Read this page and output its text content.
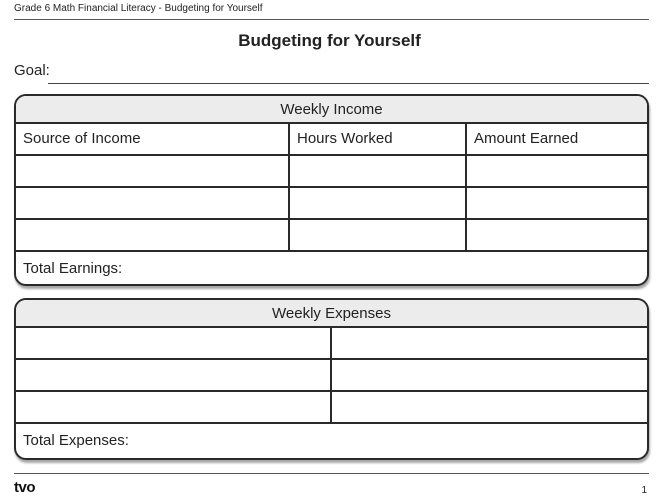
Grade 6 Math Financial Literacy - Budgeting for Yourself
Budgeting for Yourself
Goal:
Weekly Income
Source of Income	Hours Worked	Amount Earned
Total Earnings:
Weekly Expenses
Total Expenses:
tvo	1
